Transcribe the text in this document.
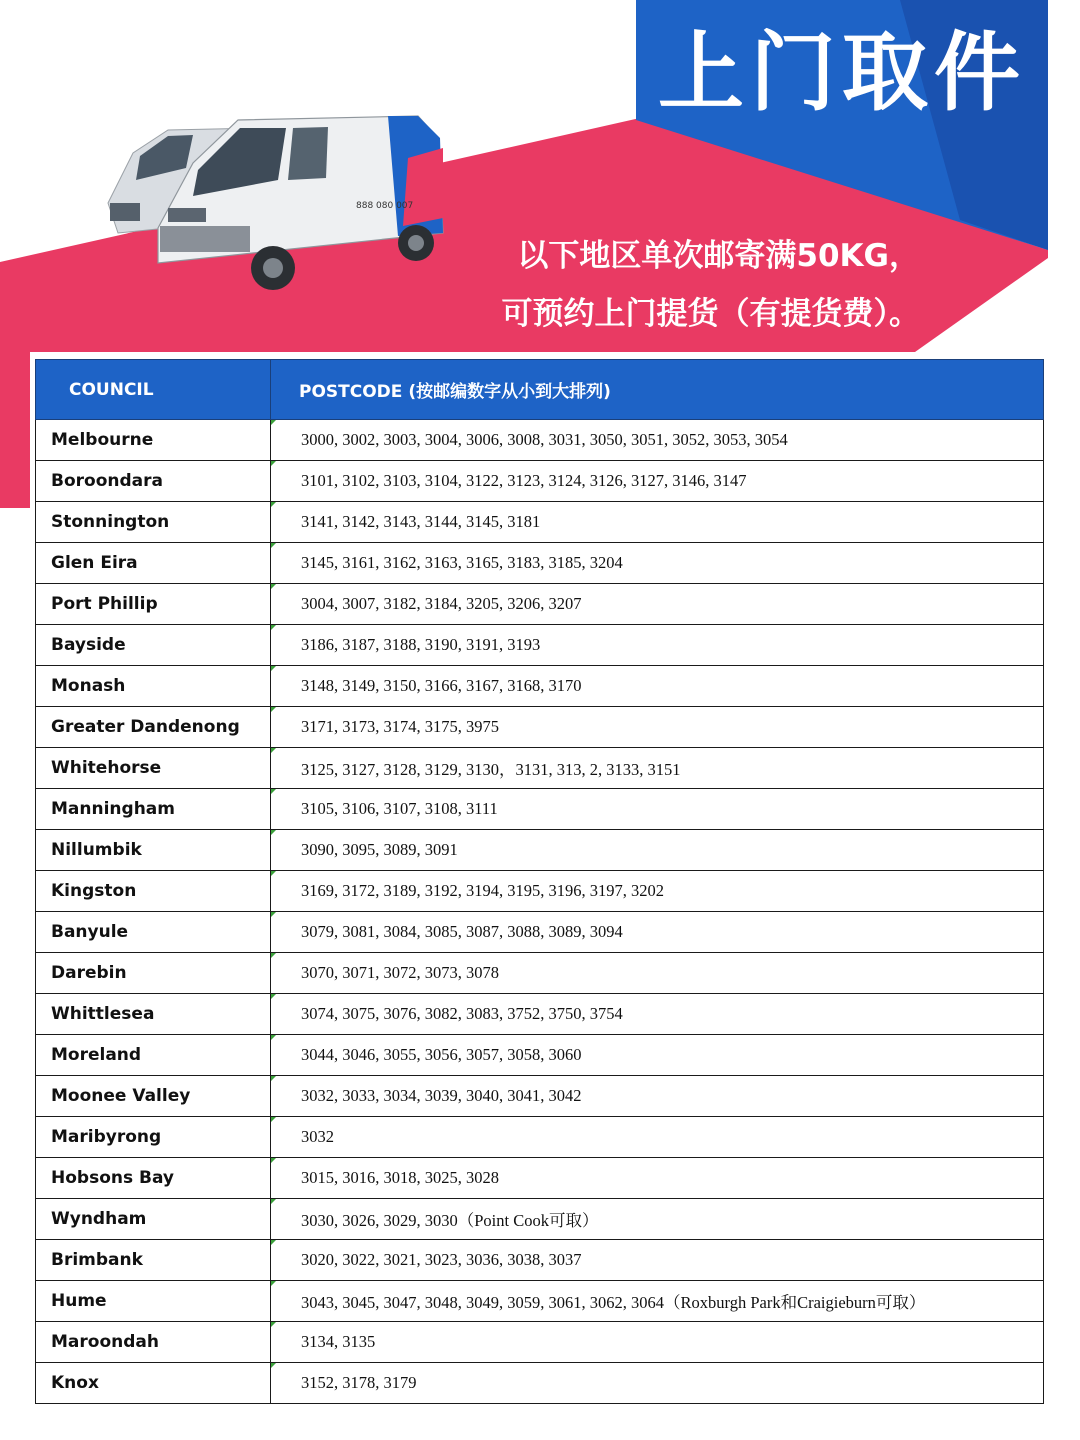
888 080 007
上门取件
以下地区单次邮寄满50KG，
可预约上门提货（有提货费）。
COUNCIL	POSTCODE (按邮编数字从小到大排列)
Melbourne	3000, 3002, 3003, 3004, 3006, 3008, 3031, 3050, 3051, 3052, 3053, 3054
Boroondara	3101, 3102, 3103, 3104, 3122, 3123, 3124, 3126, 3127, 3146, 3147
Stonnington	3141, 3142, 3143, 3144, 3145, 3181
Glen Eira	3145, 3161, 3162, 3163, 3165, 3183, 3185, 3204
Port Phillip	3004, 3007, 3182, 3184, 3205, 3206, 3207
Bayside	3186, 3187, 3188, 3190, 3191, 3193
Monash	3148, 3149, 3150, 3166, 3167, 3168, 3170
Greater Dandenong	3171, 3173, 3174, 3175, 3975
Whitehorse	3125, 3127, 3128, 3129, 3130，3131, 313, 2, 3133, 3151
Manningham	3105, 3106, 3107, 3108, 3111
Nillumbik	3090, 3095, 3089, 3091
Kingston	3169, 3172, 3189, 3192, 3194, 3195, 3196, 3197, 3202
Banyule	3079, 3081, 3084, 3085, 3087, 3088, 3089, 3094
Darebin	3070, 3071, 3072, 3073, 3078
Whittlesea	3074, 3075, 3076, 3082, 3083, 3752, 3750, 3754
Moreland	3044, 3046, 3055, 3056, 3057, 3058, 3060
Moonee Valley	3032, 3033, 3034, 3039, 3040, 3041, 3042
Maribyrong	3032
Hobsons Bay	3015, 3016, 3018, 3025, 3028
Wyndham	3030, 3026, 3029, 3030（Point Cook可取）
Brimbank	3020, 3022, 3021, 3023, 3036, 3038, 3037
Hume	3043, 3045, 3047, 3048, 3049, 3059, 3061, 3062, 3064（Roxburgh Park和Craigieburn可取）
Maroondah	3134, 3135
Knox	3152, 3178, 3179
